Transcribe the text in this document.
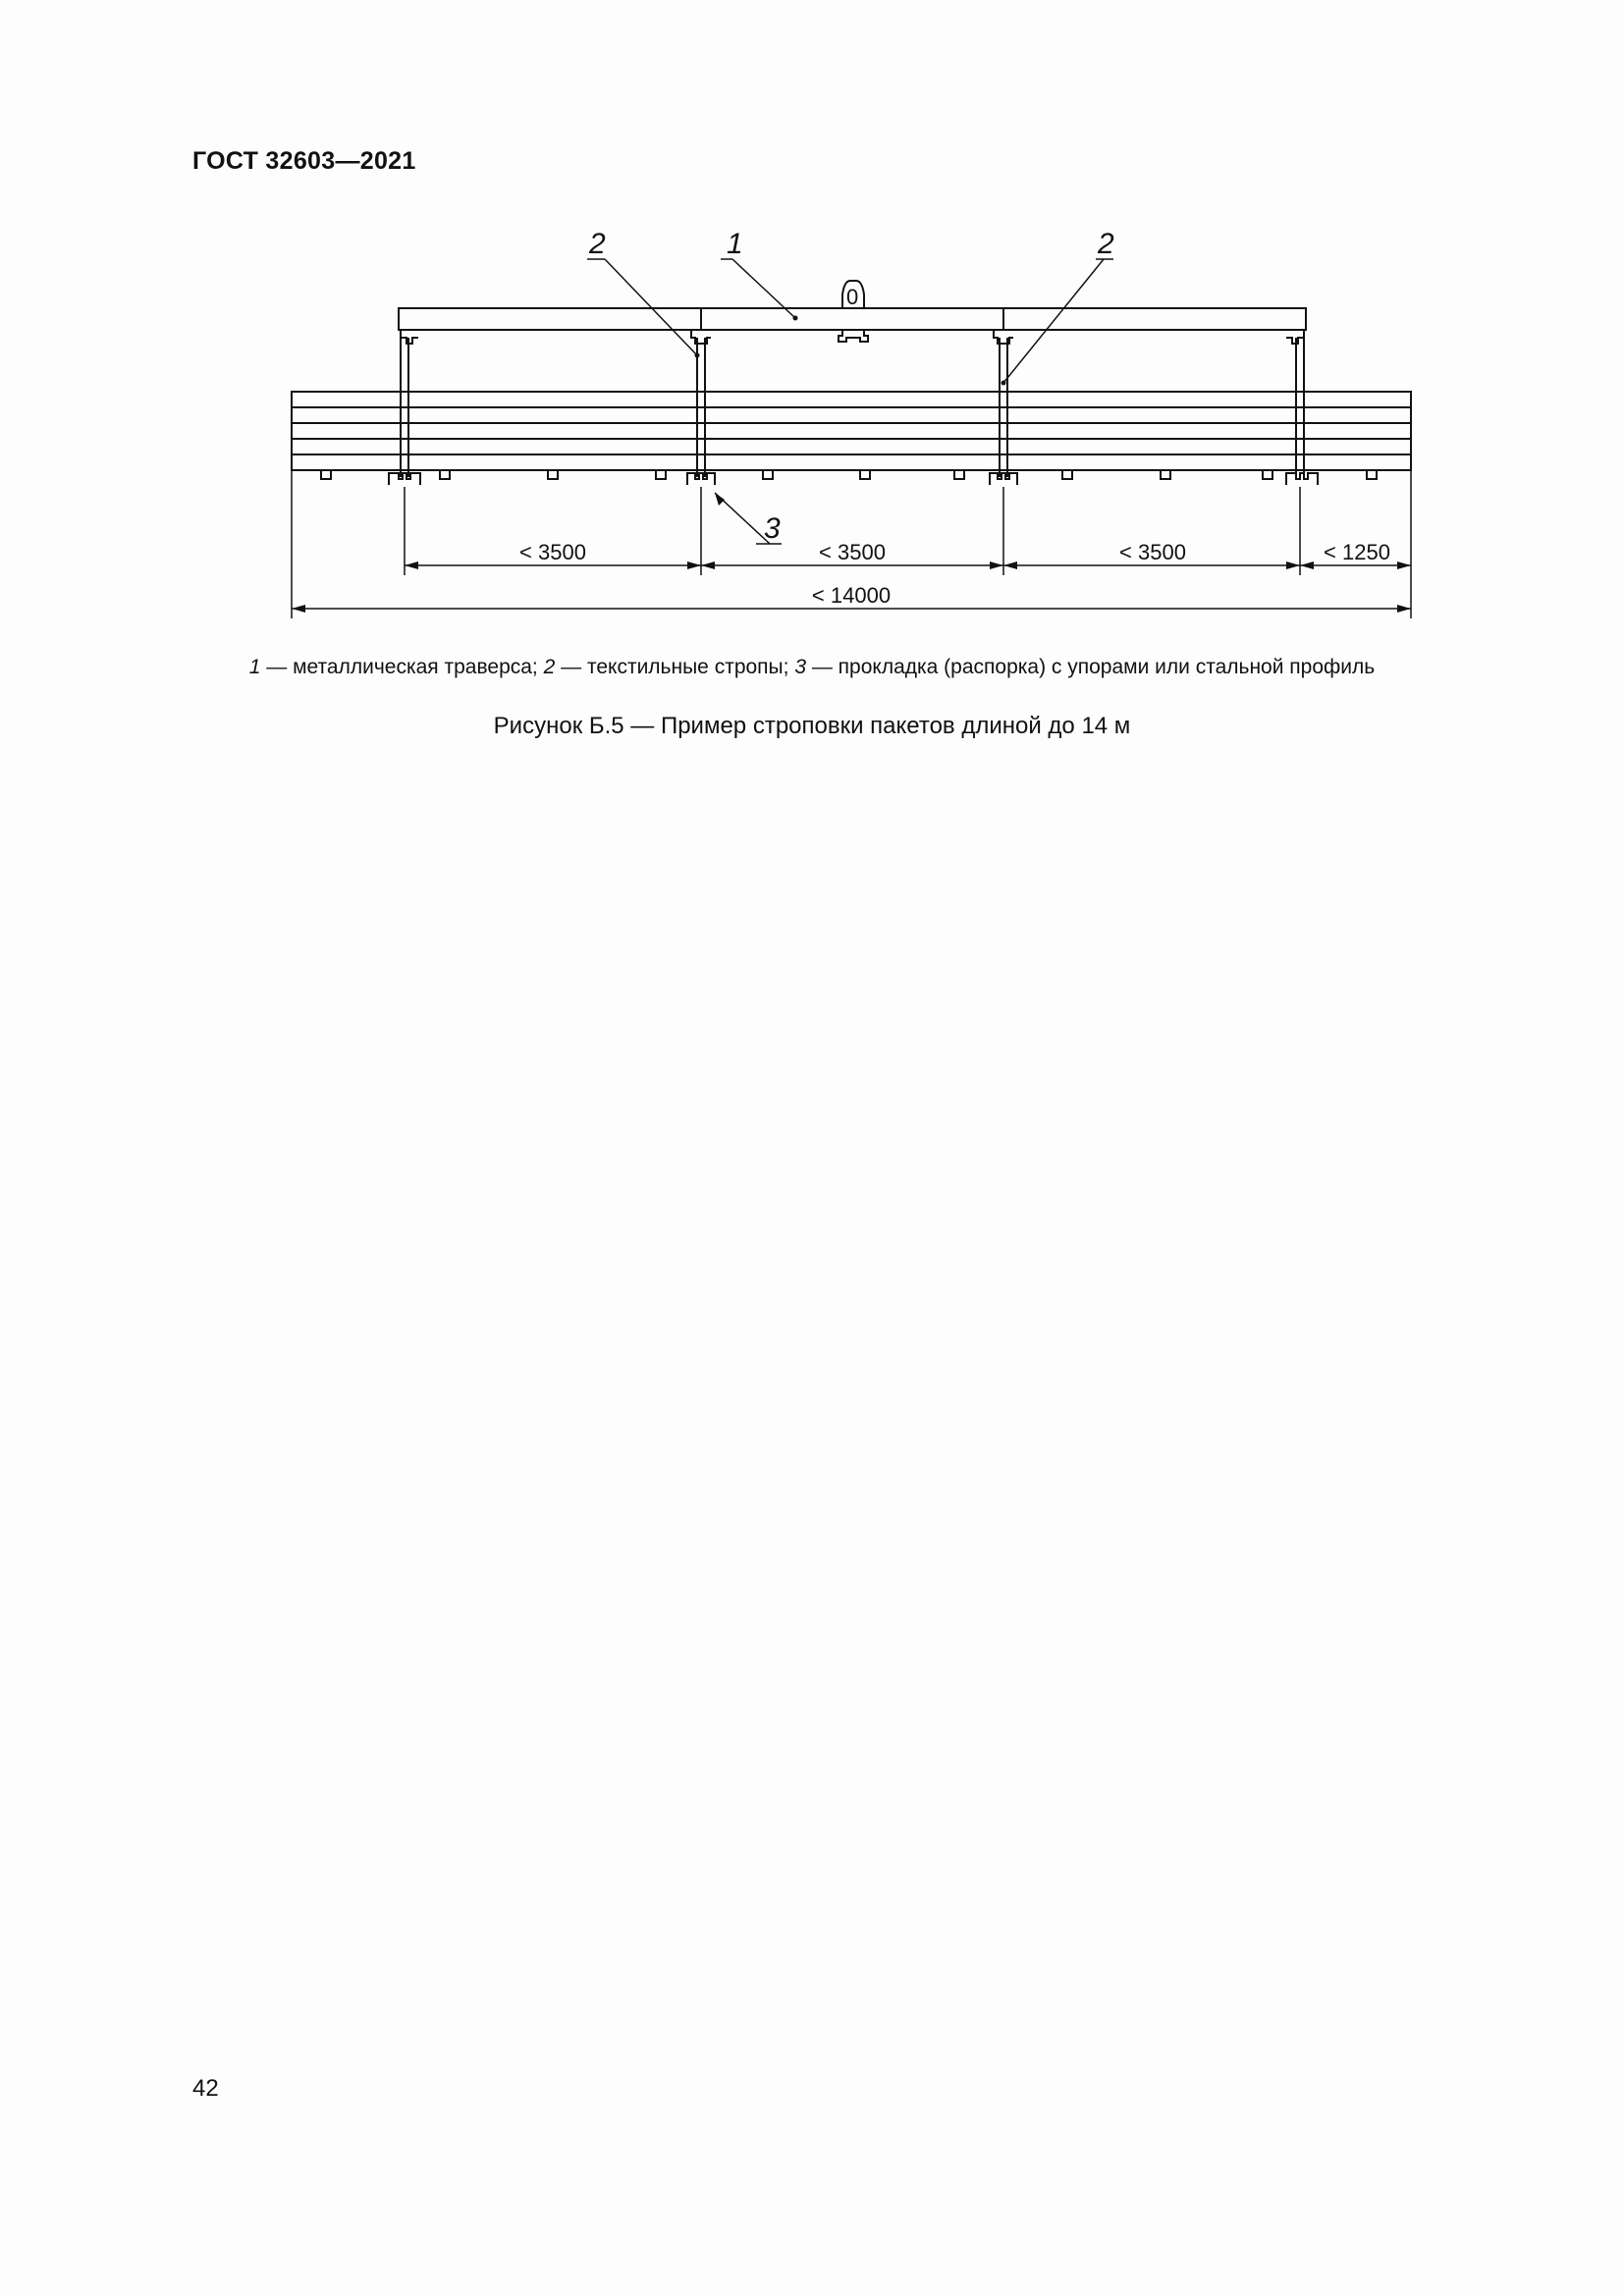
ГОСТ 32603—2021
2	1	2
3
0
< 3500	< 3500	< 3500	< 1250
< 14000
1 — металлическая траверса; 2 — текстильные стропы; 3 — прокладка (распорка) с упорами или стальной профиль
Рисунок Б.5 — Пример строповки пакетов длиной до 14 м
42
